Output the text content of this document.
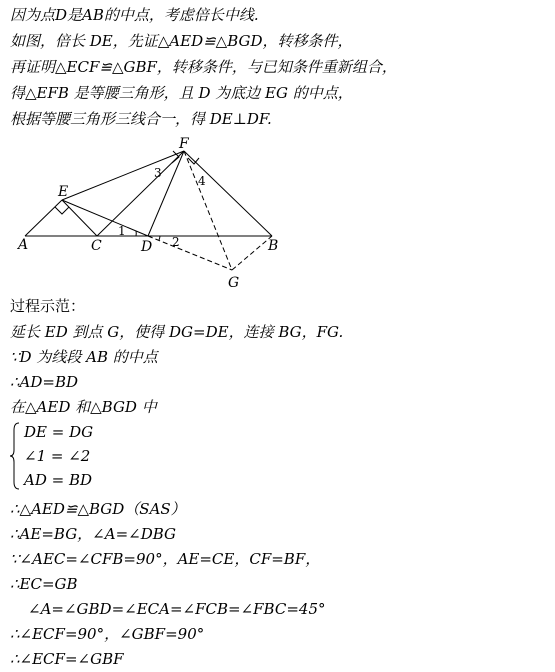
因为点D是AB的中点，考虑倍长中线.
如图，倍长 DE，先证△AED≌△BGD，转移条件，
再证明△ECF≌△GBF，转移条件，与已知条件重新组合，
得△EFB 是等腰三角形，且 D 为底边 EG 的中点，
根据等腰三角形三线合一，得 DE⊥DF.
A	B
C	D
E
F
G
1
2
3
4
过程示范：
延长 ED 到点 G，使得 DG=DE，连接 BG，FG.
∵D 为线段 AB 的中点
∴AD=BD
在△AED 和△BGD 中
DE = DG
∠1 = ∠2
AD = BD
∴△AED≌△BGD（SAS）
∴AE=BG，∠A=∠DBG
∵∠AEC=∠CFB=90°，AE=CE，CF=BF，
∴EC=GB
∠A=∠GBD=∠ECA=∠FCB=∠FBC=45°
∴∠ECF=90°，∠GBF=90°
∴∠ECF=∠GBF
